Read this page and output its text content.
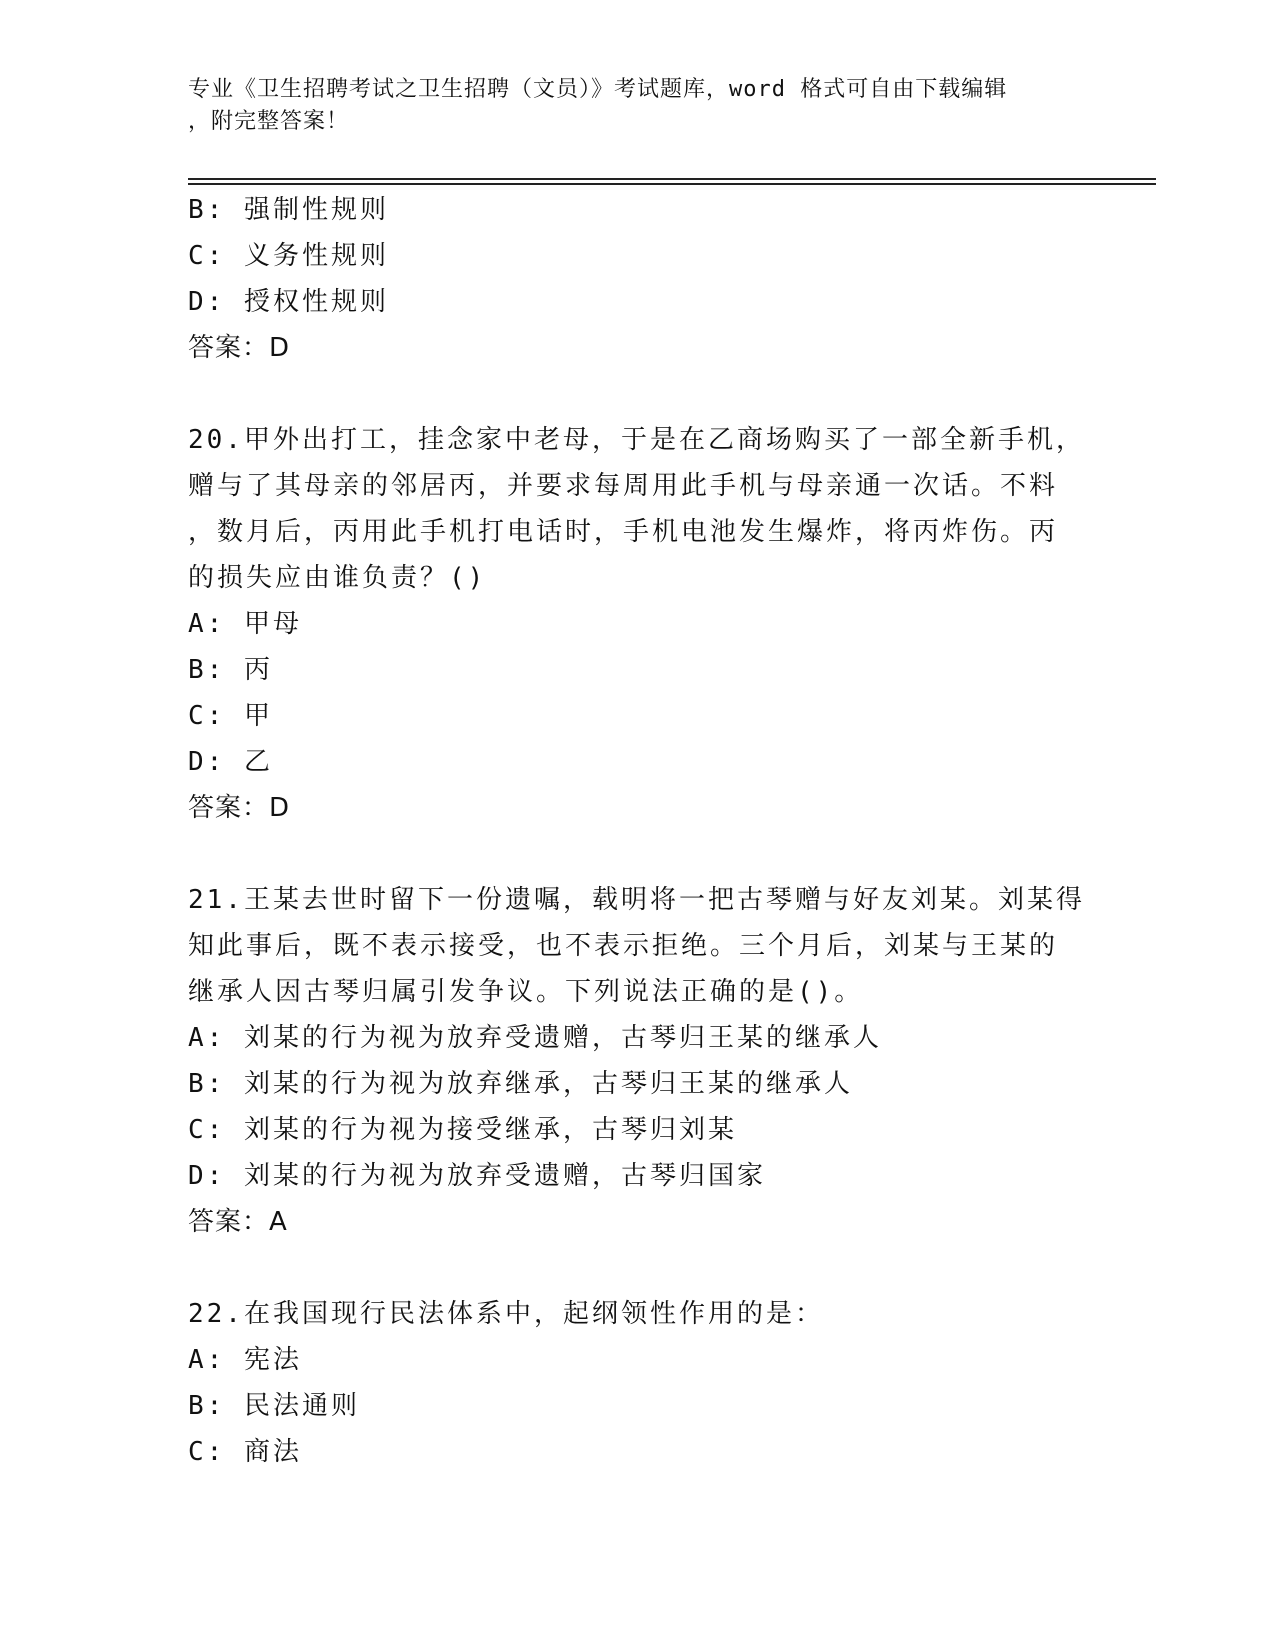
专业《卫生招聘考试之卫生招聘（文员）》考试题库，word 格式可自由下载编辑
，附完整答案！
B: 强制性规则
C: 义务性规则
D: 授权性规则
答案：D
20.甲外出打工，挂念家中老母，于是在乙商场购买了一部全新手机，
赠与了其母亲的邻居丙，并要求每周用此手机与母亲通一次话。不料
，数月后，丙用此手机打电话时，手机电池发生爆炸，将丙炸伤。丙
的损失应由谁负责？()
A: 甲母
B: 丙
C: 甲
D: 乙
答案：D
21.王某去世时留下一份遗嘱，载明将一把古琴赠与好友刘某。刘某得
知此事后，既不表示接受，也不表示拒绝。三个月后，刘某与王某的
继承人因古琴归属引发争议。下列说法正确的是()。
A: 刘某的行为视为放弃受遗赠，古琴归王某的继承人
B: 刘某的行为视为放弃继承，古琴归王某的继承人
C: 刘某的行为视为接受继承，古琴归刘某
D: 刘某的行为视为放弃受遗赠，古琴归国家
答案：A
22.在我国现行民法体系中，起纲领性作用的是：
A: 宪法
B: 民法通则
C: 商法
